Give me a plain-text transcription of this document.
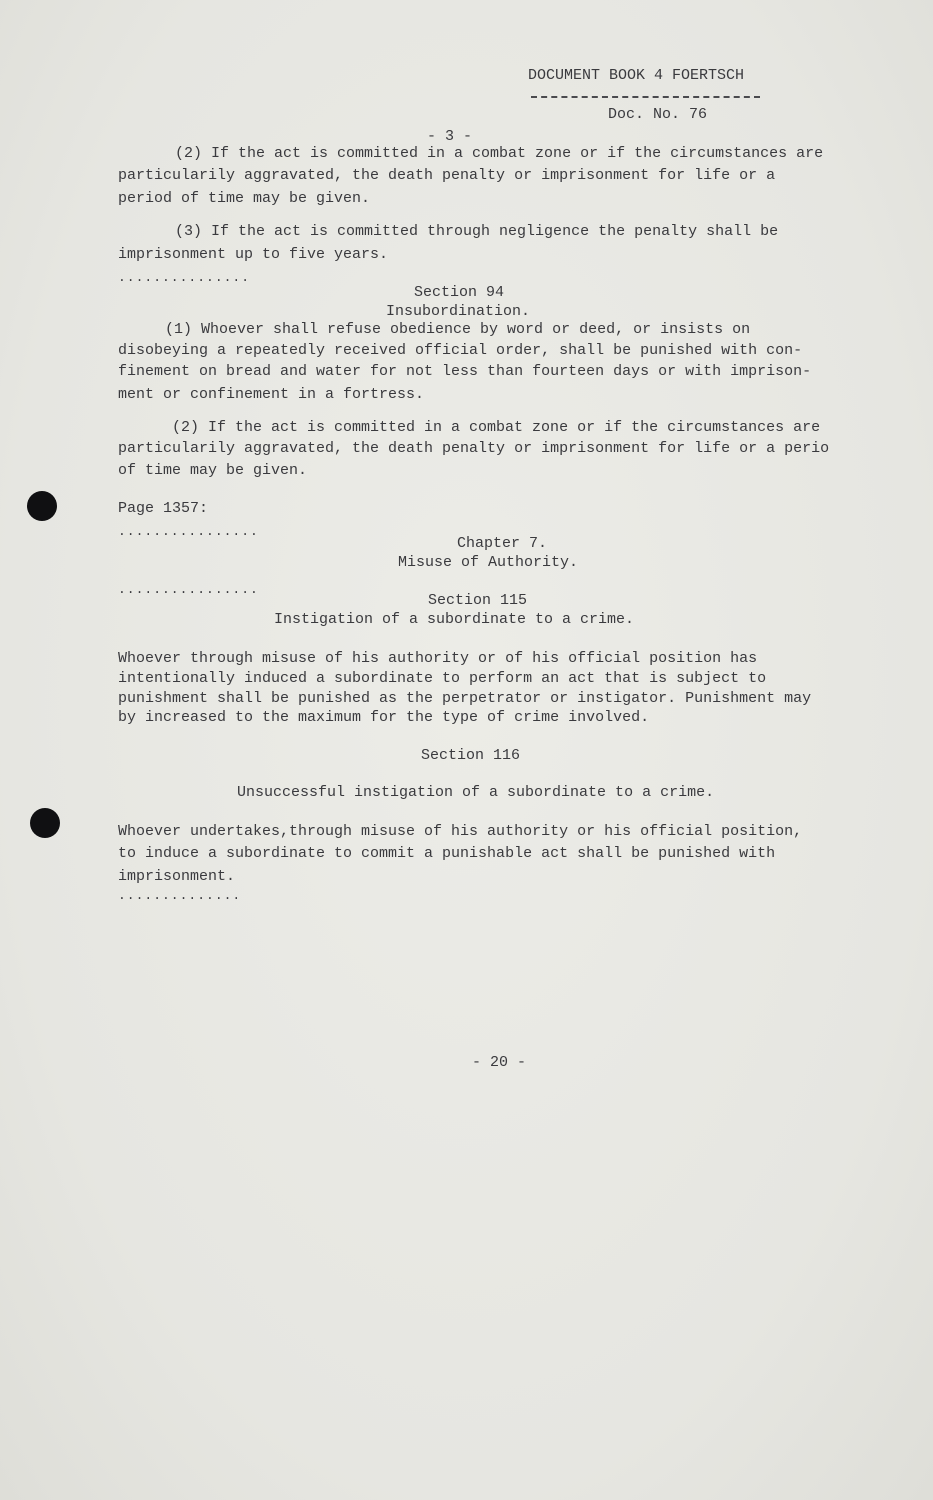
DOCUMENT BOOK 4 FOERTSCH
Doc. No. 76
- 3 -
(2) If the act is committed in a combat zone or if the circumstances are
particularily aggravated, the death penalty or imprisonment for life or a
period of time may be given.
(3) If the act is committed through negligence the penalty shall be
imprisonment up to five years.
...............
Section 94
Insubordination.
(1) Whoever shall refuse obedience by word or deed, or insists on
disobeying a repeatedly received official order, shall be punished with con-
finement on bread and water for not less than fourteen days or with imprison-
ment or confinement in a fortress.
(2) If the act is committed in a combat zone or if the circumstances are
particularily aggravated, the death penalty or imprisonment for life or a perio
of time may be given.
Page 1357:
................
Chapter 7.
Misuse of Authority.
................
Section 115
Instigation of a subordinate to a crime.
Whoever through misuse of his authority or of his official position has
intentionally induced a subordinate to perform an act that is subject to
punishment shall be punished as the perpetrator or instigator. Punishment may
by increased to the maximum for the type of crime involved.
Section 116
Unsuccessful instigation of a subordinate to a crime.
Whoever undertakes,through misuse of his authority or his official position,
to induce a subordinate to commit a punishable act shall be punished with
imprisonment.
..............
- 20 -
